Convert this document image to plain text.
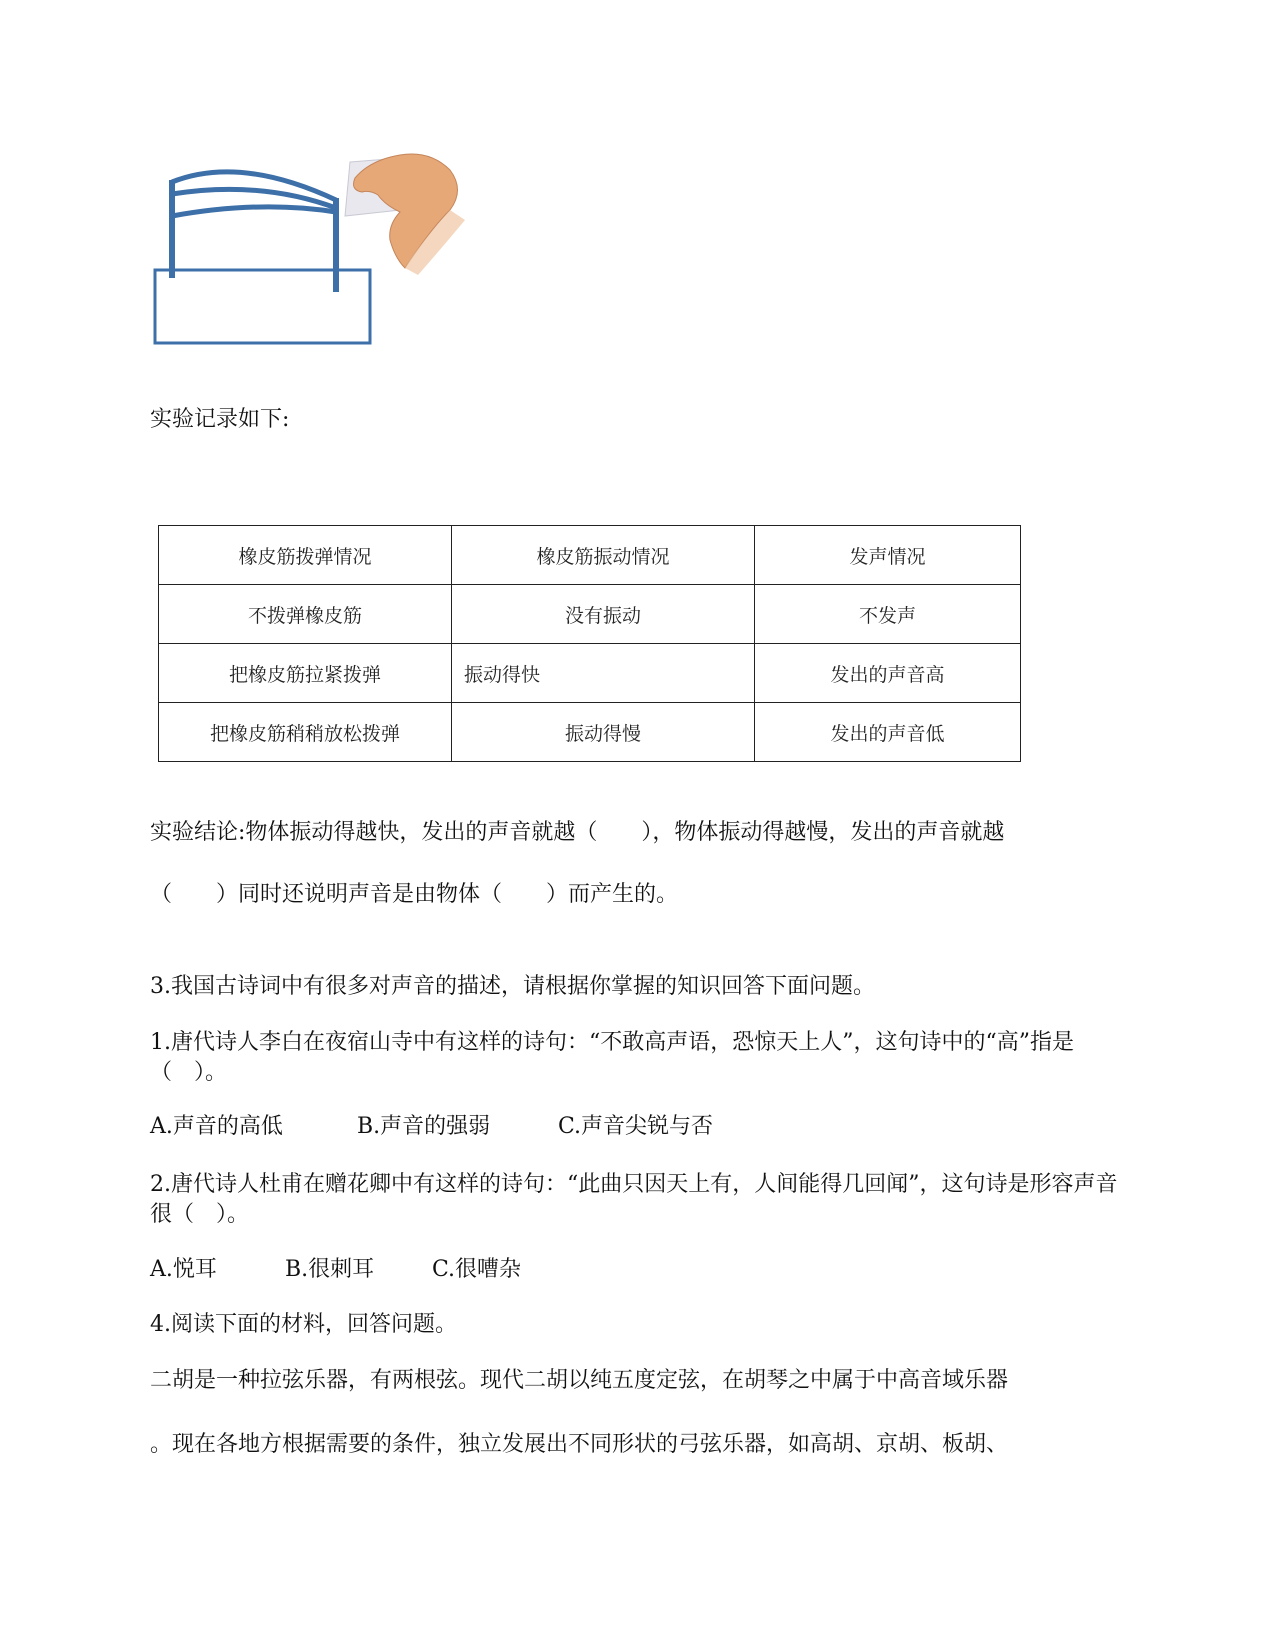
实验记录如下:
橡皮筋拨弹情况	橡皮筋振动情况	发声情况
不拨弹橡皮筋	没有振动	不发声
把橡皮筋拉紧拨弹	振动得快	发出的声音高
把橡皮筋稍稍放松拨弹	振动得慢	发出的声音低
实验结论:物体振动得越快，发出的声音就越（　　），物体振动得越慢，发出的声音就越
（　　）同时还说明声音是由物体（　　）而产生的。
3.我国古诗词中有很多对声音的描述，请根据你掌握的知识回答下面问题。
1.唐代诗人李白在夜宿山寺中有这样的诗句：“不敢高声语，恐惊天上人”，这句诗中的“高”指是（　）。
A.声音的高低	B.声音的强弱	C.声音尖锐与否
2.唐代诗人杜甫在赠花卿中有这样的诗句：“此曲只因天上有，人间能得几回闻”，这句诗是形容声音很（　）。
A.悦耳	B.很刺耳	C.很嘈杂
4.阅读下面的材料，回答问题。
二胡是一种拉弦乐器，有两根弦。现代二胡以纯五度定弦，在胡琴之中属于中高音域乐器
。现在各地方根据需要的条件，独立发展出不同形状的弓弦乐器，如高胡、京胡、板胡、
